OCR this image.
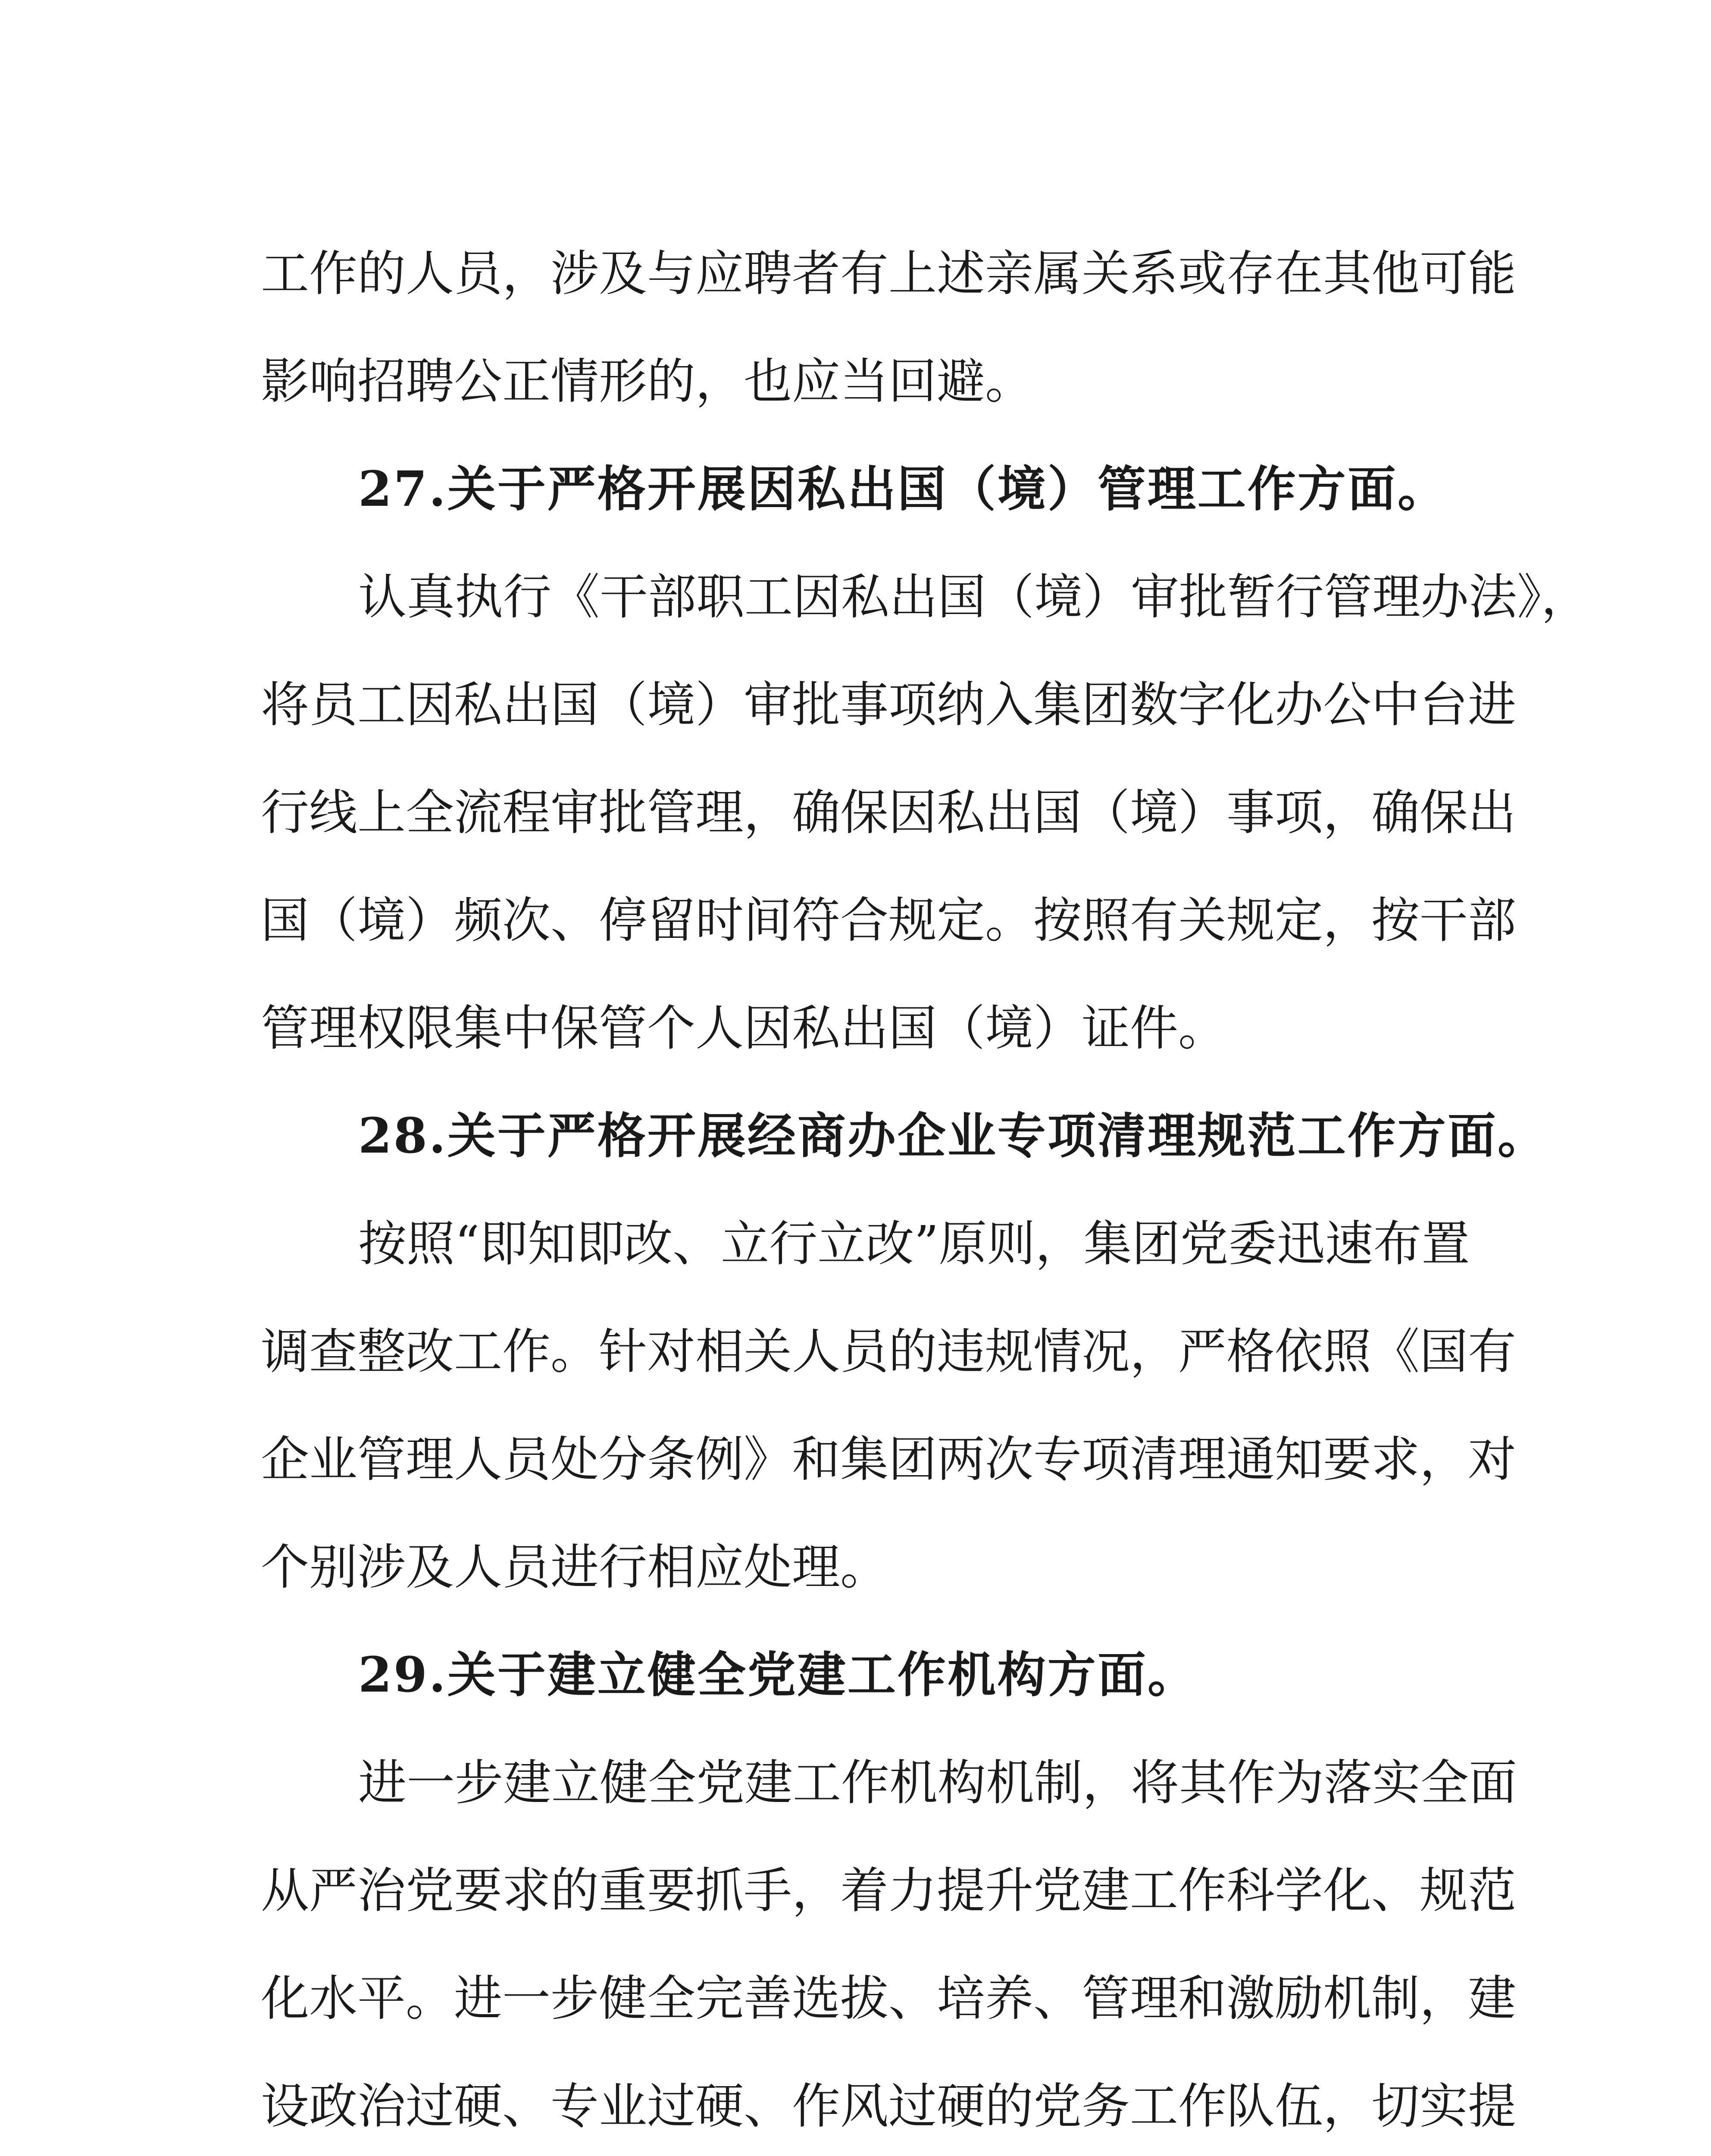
工作的人员，涉及与应聘者有上述亲属关系或存在其他可能
影响招聘公正情形的，也应当回避。
27.关于严格开展因私出国（境）管理工作方面。
认真执行《干部职工因私出国（境）审批暂行管理办法》，
将员工因私出国（境）审批事项纳入集团数字化办公中台进
行线上全流程审批管理，确保因私出国（境）事项，确保出
国（境）频次、停留时间符合规定。按照有关规定，按干部
管理权限集中保管个人因私出国（境）证件。
28.关于严格开展经商办企业专项清理规范工作方面。
按照“即知即改、立行立改”原则，集团党委迅速布置
调查整改工作。针对相关人员的违规情况，严格依照《国有
企业管理人员处分条例》和集团两次专项清理通知要求，对
个别涉及人员进行相应处理。
29.关于建立健全党建工作机构方面。
进一步建立健全党建工作机构机制，将其作为落实全面
从严治党要求的重要抓手，着力提升党建工作科学化、规范
化水平。进一步健全完善选拔、培养、管理和激励机制，建
设政治过硬、专业过硬、作风过硬的党务工作队伍，切实提
